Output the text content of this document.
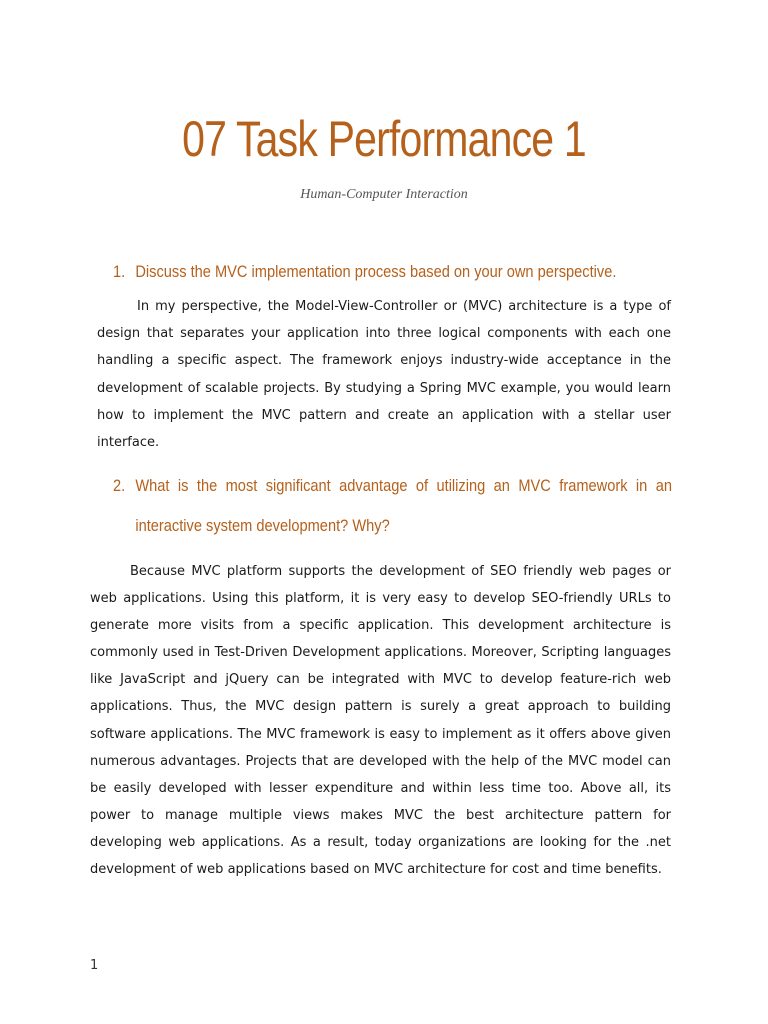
07 Task Performance 1
Human-Computer Interaction
1. Discuss the MVC implementation process based on your own perspective.

In my perspective, the Model-View-Controller or (MVC) architecture is a type of design that separates your application into three logical components with each one handling a specific aspect. The framework enjoys industry-wide acceptance in the development of scalable projects. By studying a Spring MVC example, you would learn how to implement the MVC pattern and create an application with a stellar user interface.

2. What is the most significant advantage of utilizing an MVC framework in an interactive system development? Why?

Because MVC platform supports the development of SEO friendly web pages or web applications. Using this platform, it is very easy to develop SEO-friendly URLs to generate more visits from a specific application. This development architecture is commonly used in Test-Driven Development applications. Moreover, Scripting languages like JavaScript and jQuery can be integrated with MVC to develop feature-rich web applications. Thus, the MVC design pattern is surely a great approach to building software applications. The MVC framework is easy to implement as it offers above given numerous advantages. Projects that are developed with the help of the MVC model can be easily developed with lesser expenditure and within less time too. Above all, its power to manage multiple views makes MVC the best architecture pattern for developing web applications. As a result, today organizations are looking for the .net development of web applications based on MVC architecture for cost and time benefits.

1
